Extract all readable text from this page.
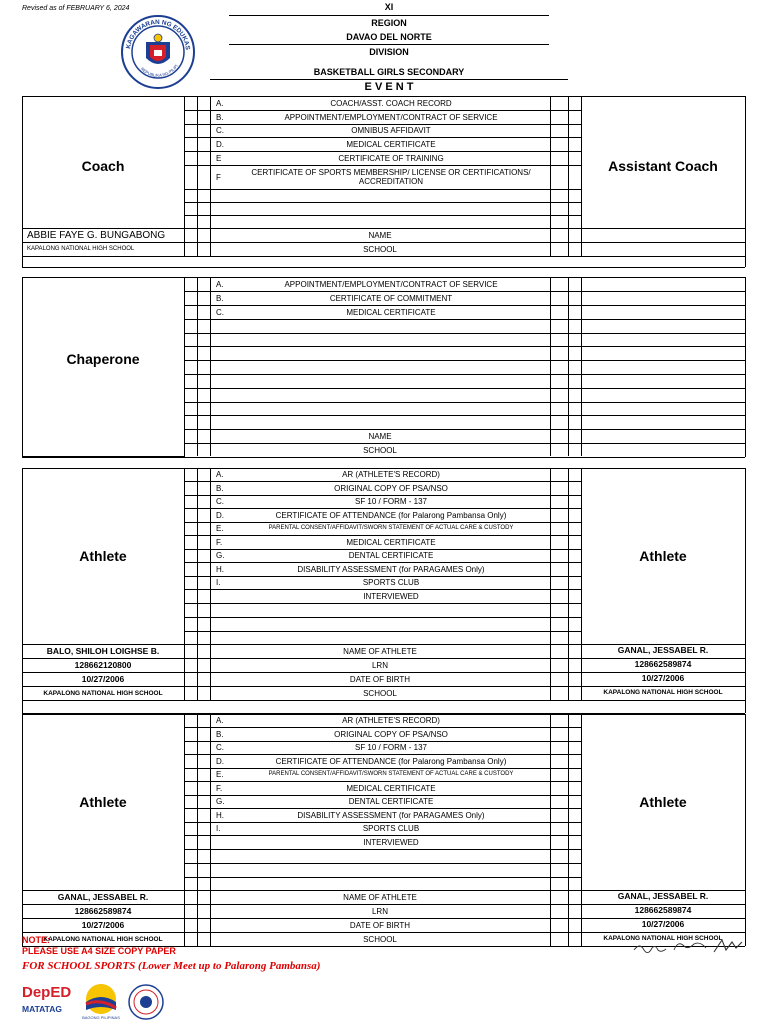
Revised as of FEBRUARY 6, 2024
KAGAWARAN NG EDUKAS
REPUBLIKA NG PILIPI
XI
REGION
DAVAO DEL NORTE
DIVISION
BASKETBALL GIRLS SECONDARY
E V E N T
Coach	Assistant Coach
A.	COACH/ASST. COACH RECORD
B.	APPOINTMENT/EMPLOYMENT/CONTRACT OF SERVICE
C.	OMNIBUS AFFIDAVIT
D.	MEDICAL CERTIFICATE
E	CERTIFICATE OF TRAINING
F	CERTIFICATE OF SPORTS MEMBERSHIP/ LICENSE OR CERTIFICATIONS/ ACCREDITATION
ABBIE FAYE G. BUNGABONG
KAPALONG NATIONAL HIGH SCHOOL
NAME
SCHOOL
Chaperone
A.	APPOINTMENT/EMPLOYMENT/CONTRACT OF SERVICE
B.	CERTIFICATE OF COMMITMENT
C.	MEDICAL CERTIFICATE
NAME
SCHOOL
Athlete	Athlete
A.	AR (ATHLETE'S RECORD)
B.	ORIGINAL COPY OF PSA/NSO
C.	SF 10 / FORM - 137
D.	CERTIFICATE OF ATTENDANCE (for Palarong Pambansa Only)
E.	PARENTAL CONSENT/AFFIDAVIT/SWORN STATEMENT OF ACTUAL CARE & CUSTODY
F.	MEDICAL CERTIFICATE
G.	DENTAL CERTIFICATE
H.	DISABILITY ASSESSMENT (for PARAGAMES Only)
I.	SPORTS CLUB
INTERVIEWED
NAME OF ATHLETE
BALO, SHILOH LOIGHSE B.	GANAL, JESSABEL R.
LRN
128662120800	128662589874
DATE OF BIRTH
10/27/2006	10/27/2006
SCHOOL
KAPALONG NATIONAL HIGH SCHOOL	KAPALONG NATIONAL HIGH SCHOOL
Athlete	Athlete
A.	AR (ATHLETE'S RECORD)
B.	ORIGINAL COPY OF PSA/NSO
C.	SF 10 / FORM - 137
D.	CERTIFICATE OF ATTENDANCE (for Palarong Pambansa Only)
E.	PARENTAL CONSENT/AFFIDAVIT/SWORN STATEMENT OF ACTUAL CARE & CUSTODY
F.	MEDICAL CERTIFICATE
G.	DENTAL CERTIFICATE
H.	DISABILITY ASSESSMENT (for PARAGAMES Only)
I.	SPORTS CLUB
INTERVIEWED
NAME OF ATHLETE
GANAL, JESSABEL R.	GANAL, JESSABEL R.
LRN
128662589874	128662589874
DATE OF BIRTH
10/27/2006	10/27/2006
SCHOOL
KAPALONG NATIONAL HIGH SCHOOL	KAPALONG NATIONAL HIGH SCHOOL
NOTE:
PLEASE USE A4 SIZE COPY PAPER
FOR SCHOOL SPORTS (Lower Meet up to Palarong Pambansa)
DepED
MATATAG
BAGONG PILIPINAS
